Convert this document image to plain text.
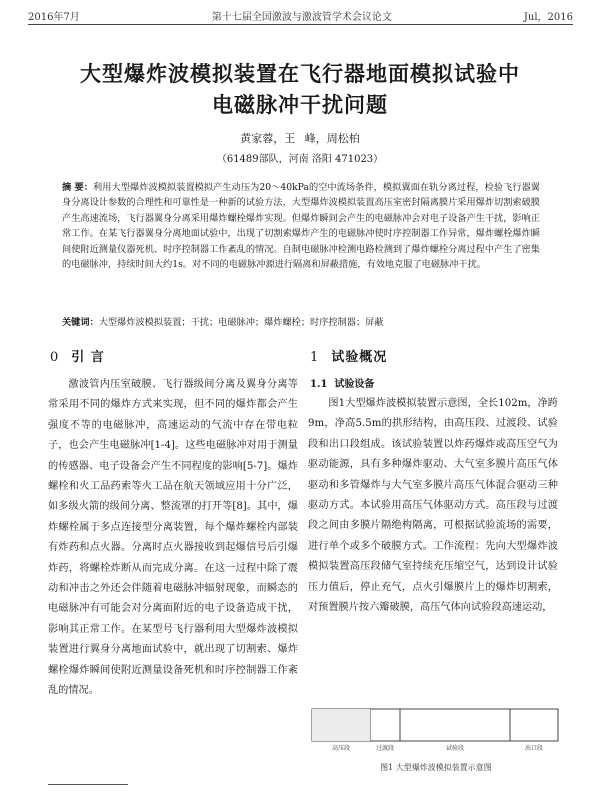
2016年7月	第十七届全国激波与激波管学术会议论文	Jul，2016
大型爆炸波模拟装置在飞行器地面模拟试验中
电磁脉冲干扰问题
黄家蓉，王 峰，周松柏
（61489部队，河南 洛阳 471023）
摘 要：利用大型爆炸波模拟装置模拟产生动压为20～40kPa的空中流场条件，模拟翼面在轨分离过程，检验飞行器翼身分离设计参数的合理性和可靠性是一种新的试验方法，大型爆炸波模拟装置高压室密封隔离膜片采用爆炸切割索破膜产生高速流场，飞行器翼身分离采用爆炸螺栓爆炸实现。但爆炸瞬间会产生的电磁脉冲会对电子设备产生干扰，影响正常工作。在某飞行器翼身分离地面试验中，出现了切割索爆炸产生的电磁脉冲使时序控制器工作异常，爆炸螺栓爆炸瞬间使附近测量仪器死机、时序控制器工作紊乱的情况。自制电磁脉冲检测电路检测到了爆炸螺栓分离过程中产生了密集的电磁脉冲，持续时间大约1s。对不同的电磁脉冲源进行隔离和屏蔽措施，有效地克服了电磁脉冲干扰。
关键词：大型爆炸波模拟装置；干扰；电磁脉冲；爆炸螺栓；时序控制器；屏蔽
0 引 言

激波管内压室破膜、飞行器级间分离及翼身分离等常采用不同的爆炸方式来实现，但不同的爆炸都会产生强度不等的电磁脉冲，高速运动的气流中存在带电粒子，也会产生电磁脉冲[1-4]。这些电磁脉冲对用于测量的传感器、电子设备会产生不同程度的影响[5-7]。爆炸螺栓和火工品药索等火工品在航天领域应用十分广泛，如多级火箭的级间分离、整流罩的打开等[8]。其中，爆炸螺栓属于多点连接型分离装置，每个爆炸螺栓内部装有炸药和点火器。分离时点火器接收到起爆信号后引爆炸药，将螺栓炸断从而完成分离。在这一过程中除了震动和冲击之外还会伴随着电磁脉冲辐射现象，而瞬态的电磁脉冲有可能会对分离面附近的电子设备造成干扰，影响其正常工作。在某型号飞行器利用大型爆炸波模拟装置进行翼身分离地面试验中，就出现了切割索、爆炸螺栓爆炸瞬间使附近测量设备死机和时序控制器工作紊乱的情况。

1 试验概况
1.1 试验设备

图1大型爆炸波模拟装置示意图，全长102m，净跨9m，净高5.5m的拱形结构，由高压段、过渡段、试验段和出口段组成。该试验装置以炸药爆炸或高压空气为驱动能源，具有多种爆炸驱动、大气室多膜片高压气体驱动和多管爆炸与大气室多膜片高压气体混合驱动三种驱动方式。本试验用高压气体驱动方式。高压段与过渡段之间由多膜片隔绝构隔离，可根据试验流场的需要，进行单个或多个破膜方式。工作流程：先向大型爆炸波模拟装置高压段储气室持续充压缩空气，达到设计试验压力值后，停止充气，点火引爆膜片上的爆炸切割索，对预置膜片按六瓣破膜，高压气体向试验段高速运动，

高压段	过渡段	试验段	出口段
图1 大型爆炸波模拟装置示意图
